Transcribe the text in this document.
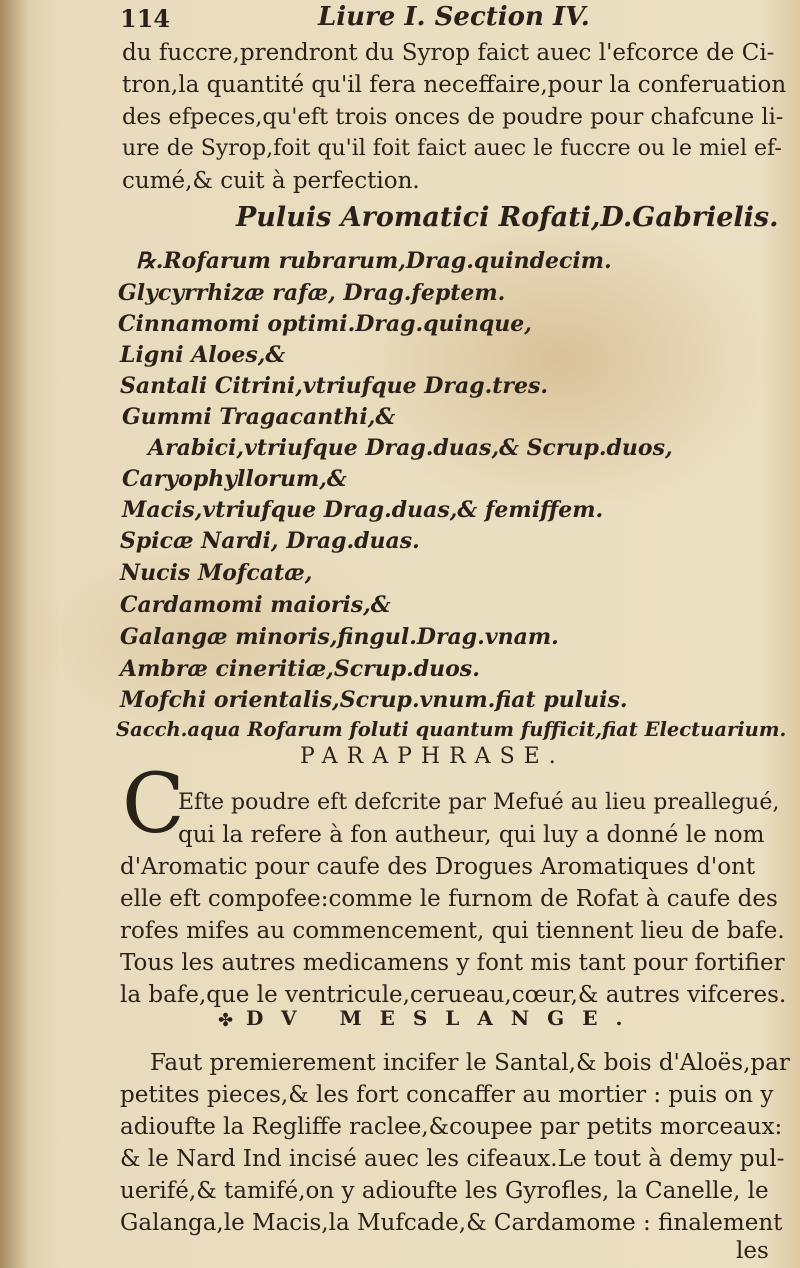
114	Liure I. Section IV.

du fuccre,prendront du Syrop faict auec l'efcorce de Ci-

tron,la quantité qu'il fera neceffaire,pour la conferuation

des efpeces,qu'eft trois onces de poudre pour chafcune li-

ure de Syrop,foit qu'il foit faict auec le fuccre ou le miel ef-

cumé,& cuit à perfection.

Puluis Aromatici Rofati,D.Gabrielis.

℞.Rofarum rubrarum,Drag.quindecim.

Glycyrrhizæ rafæ, Drag.feptem.

Cinnamomi optimi.Drag.quinque,

Ligni Aloes,&

Santali Citrini,vtriufque Drag.tres.

Gummi Tragacanthi,&

Arabici,vtriufque Drag.duas,& Scrup.duos,

Caryophyllorum,&

Macis,vtriufque Drag.duas,& femiffem.

Spicæ Nardi, Drag.duas.

Nucis Mofcatæ,

Cardamomi maioris,&

Galangæ minoris,fingul.Drag.vnam.

Ambræ cineritiæ,Scrup.duos.

Mofchi orientalis,Scrup.vnum.fiat puluis.

Sacch.aqua Rofarum foluti quantum fufficit,fiat Electuarium.

PARAPHRASE.

C

Efte poudre eft defcrite par Mefué au lieu preallegué,

qui la refere à fon autheur, qui luy a donné le nom

d'Aromatic pour caufe des Drogues Aromatiques d'ont

elle eft compofee:comme le furnom de Rofat à caufe des

rofes mifes au commencement, qui tiennent lieu de bafe.

Tous les autres medicamens y font mis tant pour fortifier

la bafe,que le ventricule,cerueau,cœur,& autres vifceres.

✤ DV MESLANGE.

Faut premierement incifer le Santal,& bois d'Aloës,par

petites pieces,& les fort concaffer au mortier : puis on y

adioufte la Regliffe raclee,&coupee par petits morceaux:

& le Nard Ind incisé auec les cifeaux.Le tout à demy pul-

uerifé,& tamifé,on y adioufte les Gyrofles, la Canelle, le

Galanga,le Macis,la Mufcade,& Cardamome : finalement

les
